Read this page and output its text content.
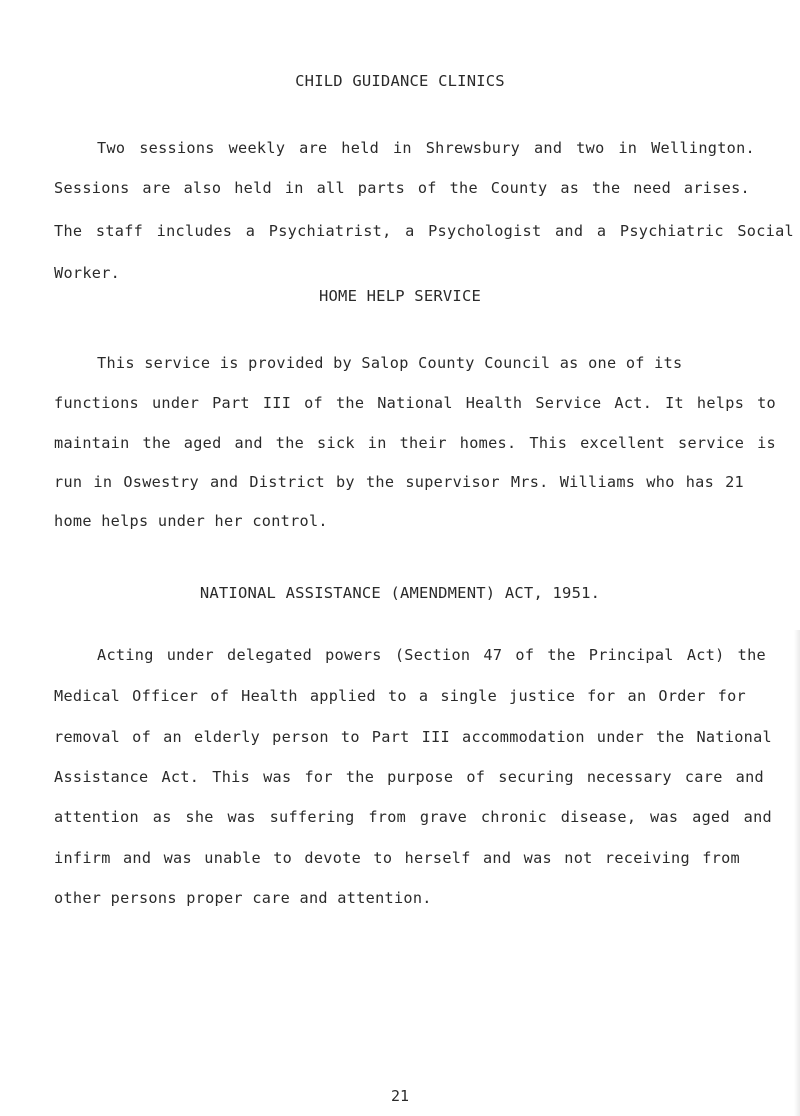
CHILD GUIDANCE CLINICS
Two sessions weekly are held in Shrewsbury and two in Wellington.
Sessions are also held in all parts of the County as the need arises.
The staff includes a Psychiatrist, a Psychologist and a Psychiatric Social
Worker.
HOME HELP SERVICE
This service is provided by Salop County Council as one of its
functions under Part III of the National Health Service Act. It helps to
maintain the aged and the sick in their homes. This excellent service is
run in Oswestry and District by the supervisor Mrs. Williams who has 21
home helps under her control.
NATIONAL ASSISTANCE (AMENDMENT) ACT, 1951.
Acting under delegated powers (Section 47 of the Principal Act) the
Medical Officer of Health applied to a single justice for an Order for
removal of an elderly person to Part III accommodation under the National
Assistance Act. This was for the purpose of securing necessary care and
attention as she was suffering from grave chronic disease, was aged and
infirm and was unable to devote to herself and was not receiving from
other persons proper care and attention.
21
